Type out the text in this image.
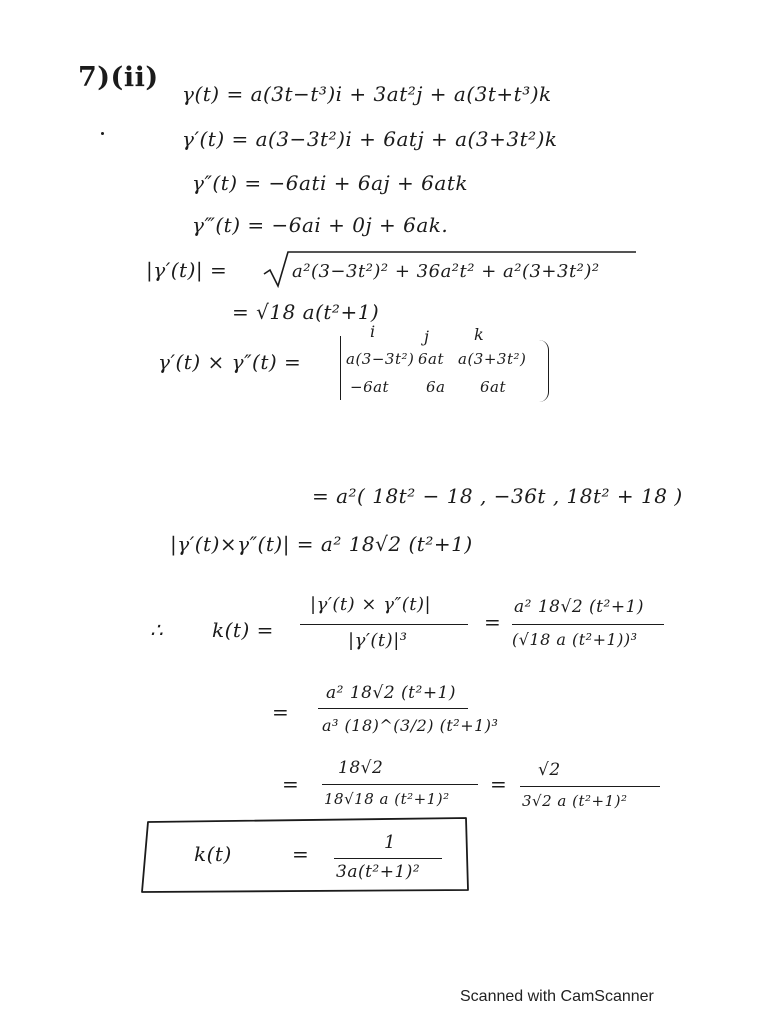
7)(ii)
γ(t) = a(3t−t³)i + 3at²j + a(3t+t³)k
γ′(t) = a(3−3t²)i + 6atj + a(3+3t²)k
γ″(t) = −6ati + 6aj + 6atk
γ‴(t) = −6ai + 0j + 6ak.
|γ′(t)| =	a²(3−3t²)² + 36a²t² + a²(3+3t²)²
= √18 a(t²+1)
γ′(t) × γ″(t) =
i	j	k
a(3−3t²) 6at a(3+3t²)
−6at 6a 6at
= a²( 18t² − 18 , −36t , 18t² + 18 )
|γ′(t)×γ″(t)| = a² 18√2 (t²+1)
∴ k(t) =
|γ′(t) × γ″(t)|
|γ′(t)|³
=
a² 18√2 (t²+1)
(√18 a (t²+1))³
=
a² 18√2 (t²+1)
a³ (18)^(3/2) (t²+1)³
=
18√2
18√18 a (t²+1)²
=
√2
3√2 a (t²+1)²
k(t)	=	1
3a(t²+1)²
Scanned with CamScanner
